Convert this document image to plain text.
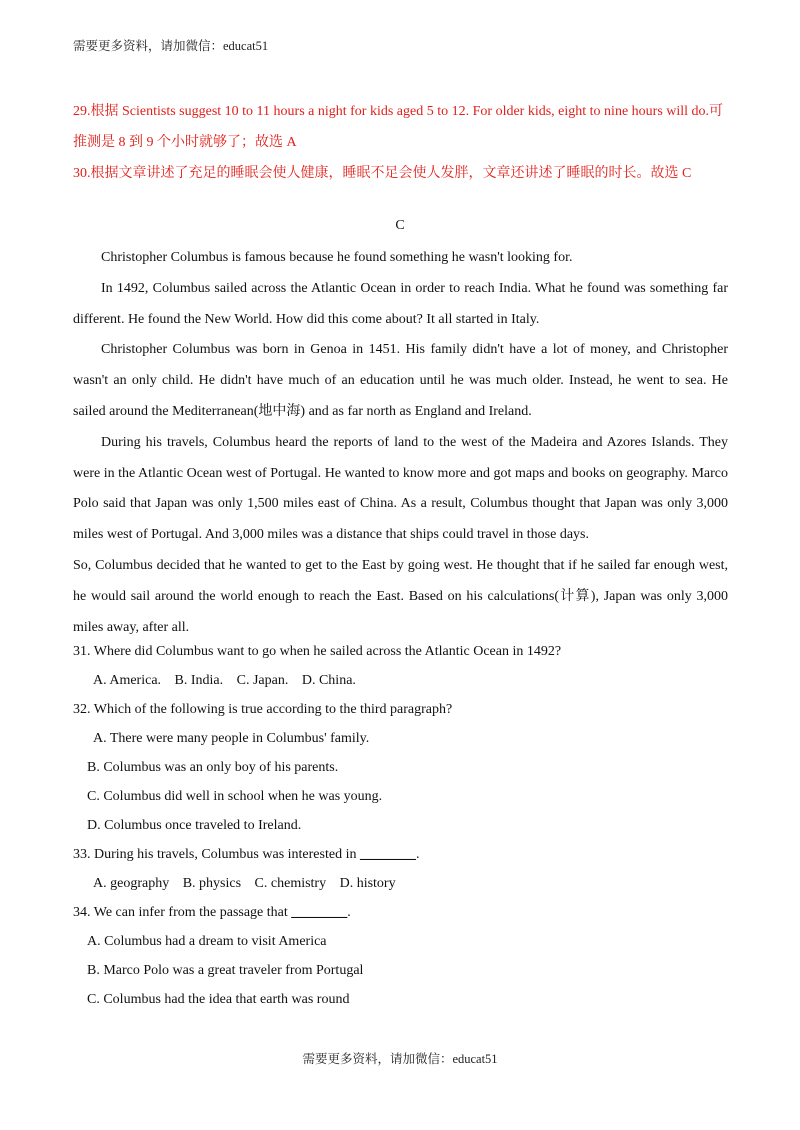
需要更多资料，请加微信：educat51

29.根据 Scientists suggest 10 to 11 hours a night for kids aged 5 to 12. For older kids, eight to nine hours will do.可

推测是 8 到 9 个小时就够了；故选 A

30.根据文章讲述了充足的睡眠会使人健康，睡眠不足会使人发胖，文章还讲述了睡眠的时长。故选 C

C

Christopher Columbus is famous because he found something he wasn't looking for.

In 1492, Columbus sailed across the Atlantic Ocean in order to reach India. What he found was something far different. He found the New World. How did this come about? It all started in Italy.

Christopher Columbus was born in Genoa in 1451. His family didn't have a lot of money, and Christopher wasn't an only child. He didn't have much of an education until he was much older. Instead, he went to sea. He sailed around the Mediterranean(地中海) and as far north as England and Ireland.

During his travels, Columbus heard the reports of land to the west of the Madeira and Azores Islands. They were in the Atlantic Ocean west of Portugal. He wanted to know more and got maps and books on geography. Marco Polo said that Japan was only 1,500 miles east of China. As a result, Columbus thought that Japan was only 3,000 miles west of Portugal. And 3,000 miles was a distance that ships could travel in those days.

So, Columbus decided that he wanted to get to the East by going west. He thought that if he sailed far enough west, he would sail around the world enough to reach the East. Based on his calculations(计算), Japan was only 3,000 miles away, after all.

31. Where did Columbus want to go when he sailed across the Atlantic Ocean in 1492?

A. America. B. India. C. Japan. D. China.

32. Which of the following is true according to the third paragraph?

A. There were many people in Columbus' family.

B. Columbus was an only boy of his parents.

C. Columbus did well in school when he was young.

D. Columbus once traveled to Ireland.

33. During his travels, Columbus was interested in ________.

A. geography B. physics C. chemistry D. history

34. We can infer from the passage that ________.

A. Columbus had a dream to visit America

B. Marco Polo was a great traveler from Portugal

C. Columbus had the idea that earth was round

需要更多资料，请加微信：educat51
